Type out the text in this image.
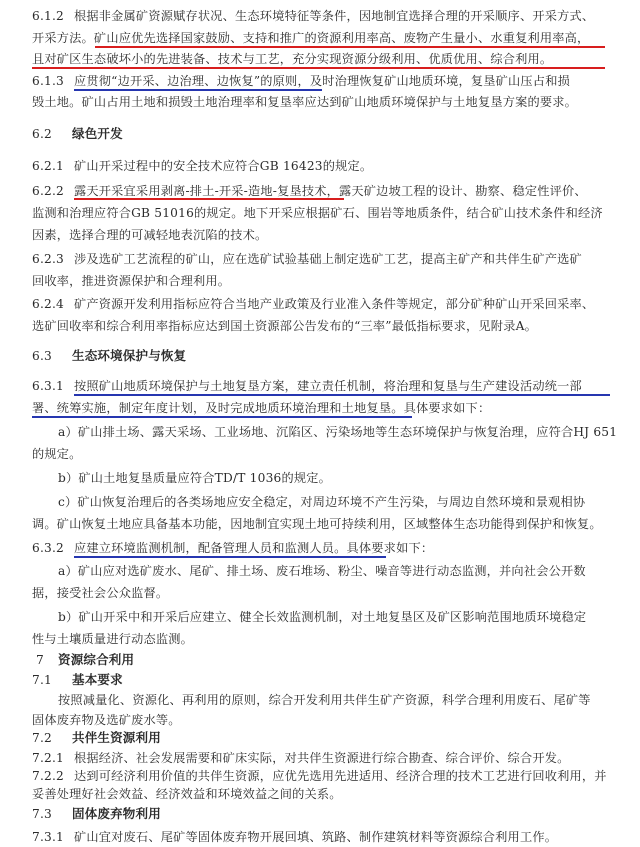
6.1.2 根据非金属矿资源赋存状况、生态环境特征等条件，因地制宜选择合理的开采顺序、开采方式、
开采方法。矿山应优先选择国家鼓励、支持和推广的资源利用率高、废物产生量小、水重复利用率高，
且对矿区生态破坏小的先进装备、技术与工艺，充分实现资源分级利用、优质优用、综合利用。
6.1.3 应贯彻“边开采、边治理、边恢复”的原则，及时治理恢复矿山地质环境，复垦矿山压占和损
毁土地。矿山占用土地和损毁土地治理率和复垦率应达到矿山地质环境保护与土地复垦方案的要求。
6.2 绿色开发
6.2.1 矿山开采过程中的安全技术应符合GB 16423的规定。
6.2.2 露天开采宜采用剥离-排土-开采-造地-复垦技术，露天矿边坡工程的设计、勘察、稳定性评价、
监测和治理应符合GB 51016的规定。地下开采应根据矿石、围岩等地质条件，结合矿山技术条件和经济
因素，选择合理的可减轻地表沉陷的技术。
6.2.3 涉及选矿工艺流程的矿山，应在选矿试验基础上制定选矿工艺，提高主矿产和共伴生矿产选矿
回收率，推进资源保护和合理利用。
6.2.4 矿产资源开发利用指标应符合当地产业政策及行业准入条件等规定，部分矿种矿山开采回采率、
选矿回收率和综合利用率指标应达到国土资源部公告发布的“三率”最低指标要求，见附录A。
6.3 生态环境保护与恢复
6.3.1 按照矿山地质环境保护与土地复垦方案，建立责任机制，将治理和复垦与生产建设活动统一部
署、统筹实施，制定年度计划，及时完成地质环境治理和土地复垦。具体要求如下：
a）矿山排土场、露天采场、工业场地、沉陷区、污染场地等生态环境保护与恢复治理，应符合HJ 651
的规定。
b）矿山土地复垦质量应符合TD/T 1036的规定。
c）矿山恢复治理后的各类场地应安全稳定，对周边环境不产生污染，与周边自然环境和景观相协
调。矿山恢复土地应具备基本功能，因地制宜实现土地可持续利用，区域整体生态功能得到保护和恢复。
6.3.2 应建立环境监测机制，配备管理人员和监测人员。具体要求如下：
a）矿山应对选矿废水、尾矿、排土场、废石堆场、粉尘、噪音等进行动态监测，并向社会公开数
据，接受社会公众监督。
b）矿山开采中和开采后应建立、健全长效监测机制，对土地复垦区及矿区影响范围地质环境稳定
性与土壤质量进行动态监测。
7 资源综合利用
7.1 基本要求
按照减量化、资源化、再利用的原则，综合开发利用共伴生矿产资源，科学合理利用废石、尾矿等
固体废弃物及选矿废水等。
7.2 共伴生资源利用
7.2.1 根据经济、社会发展需要和矿床实际，对共伴生资源进行综合勘查、综合评价、综合开发。
7.2.2 达到可经济利用价值的共伴生资源，应优先选用先进适用、经济合理的技术工艺进行回收利用，并
妥善处理好社会效益、经济效益和环境效益之间的关系。
7.3 固体废弃物利用
7.3.1 矿山宜对废石、尾矿等固体废弃物开展回填、筑路、制作建筑材料等资源综合利用工作。
